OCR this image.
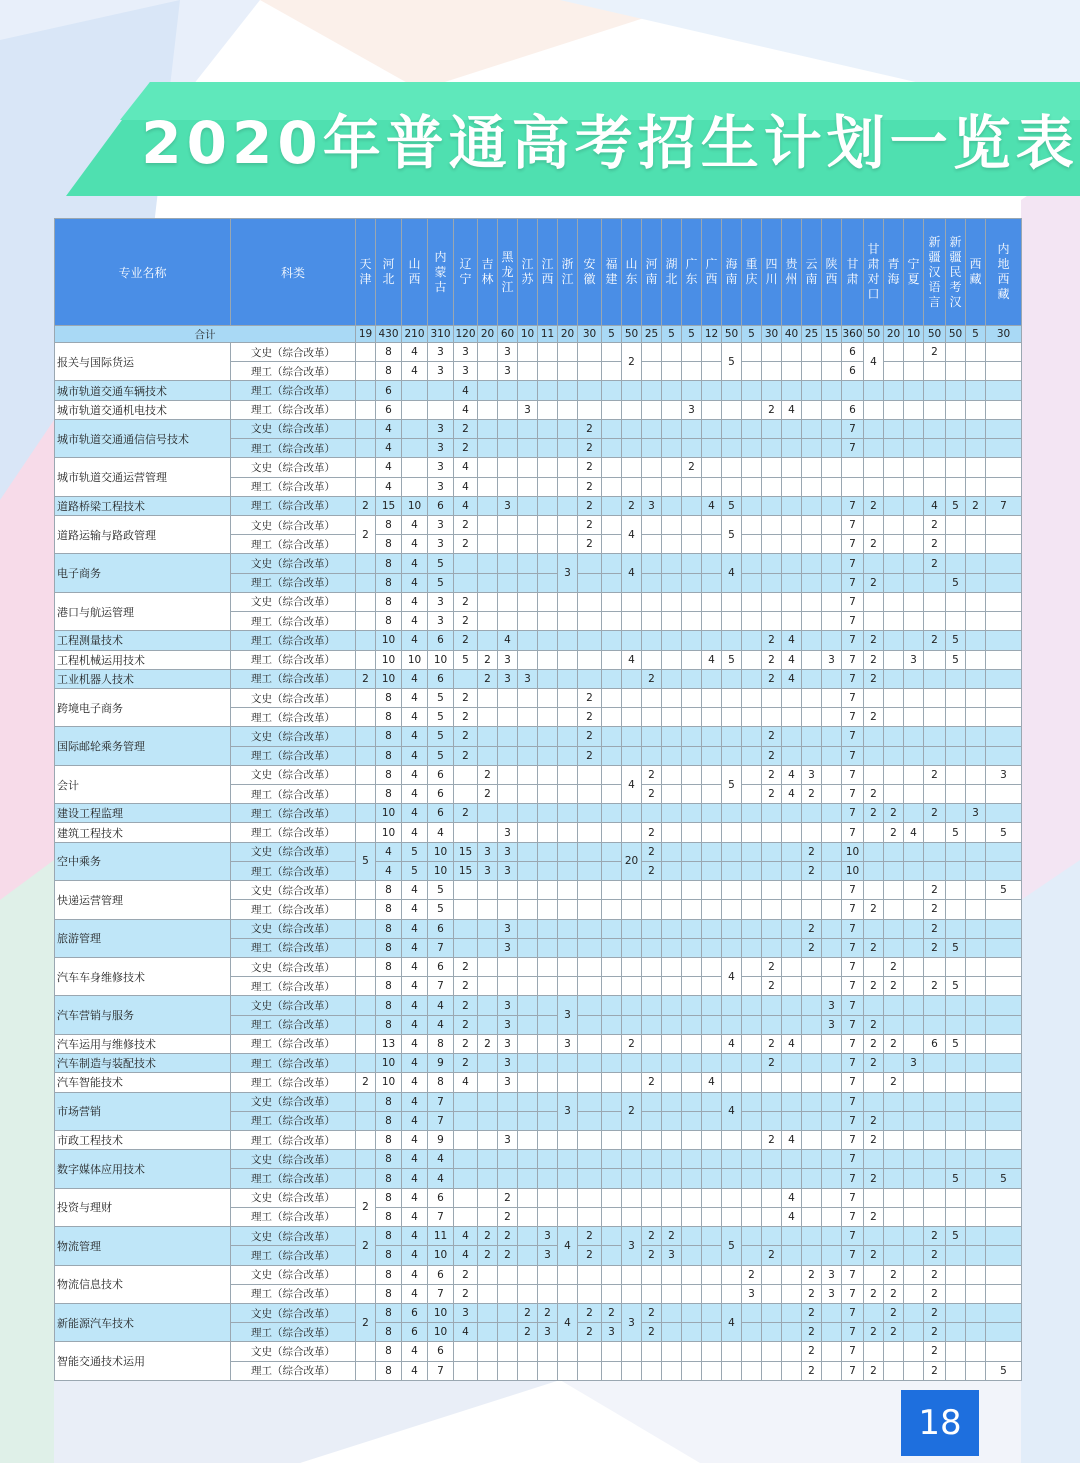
2020年普通高考招生计划一览表
专业名称	科类	天津	河北	山西	内蒙古	辽宁	吉林	黑龙江	江苏	江西	浙江	安徽	福建	山东	河南	湖北	广东	广西	海南	重庆	四川	贵州	云南	陕西	甘肃	甘肃对口	青海	宁夏	新疆汉语言	新疆民考汉	西藏	内地西藏

合计		19	430	210	310	120	20	60	10	11	20	30	5	50	25	5	5	12	50	5	30	40	25	15	360	50	20	10	50	50	5	30
报关与国际货运	文史（综合改革）		8	4	3	3		3						2					5						6	4			2			
	理工（综合改革）		8	4	3	3		3																	6							
城市轨道交通车辆技术	理工（综合改革）		6			4																										
城市轨道交通机电技术	理工（综合改革）		6			4			3								3				2	4			6							
城市轨道交通通信信号技术	文史（综合改革）		4		3	2						2													7							
	理工（综合改革）		4		3	2						2													7							
城市轨道交通运营管理	文史（综合改革）		4		3	4						2					2															
	理工（综合改革）		4		3	4						2																				
道路桥梁工程技术	理工（综合改革）	2	15	10	6	4		3				2		2	3			4	5						7	2			4	5	2	7
道路运输与路政管理	文史（综合改革）	2	8	4	3	2						2		4					5						7				2			
	理工（综合改革）		8	4	3	2						2													7	2			2			
电子商务	文史（综合改革）		8	4	5						3			4					4						7				2			
	理工（综合改革）		8	4	5																				7	2				5		
港口与航运管理	文史（综合改革）		8	4	3	2																			7							
	理工（综合改革）		8	4	3	2																			7							
工程测量技术	理工（综合改革）		10	4	6	2		4													2	4			7	2			2	5		
工程机械运用技术	理工（综合改革）		10	10	10	5	2	3						4				4	5		2	4		3	7	2		3		5		
工业机器人技术	理工（综合改革）	2	10	4	6		2	3	3						2						2	4			7	2						
跨境电子商务	文史（综合改革）		8	4	5	2						2													7							
	理工（综合改革）		8	4	5	2						2													7	2						
国际邮轮乘务管理	文史（综合改革）		8	4	5	2						2									2				7							
	理工（综合改革）		8	4	5	2						2									2				7							
会计	文史（综合改革）		8	4	6		2							4	2				5		2	4	3		7				2			3
	理工（综合改革）		8	4	6		2								2						2	4	2		7	2						
建设工程监理	理工（综合改革）		10	4	6	2																			7	2	2		2		3	
建筑工程技术	理工（综合改革）		10	4	4			3							2										7		2	4		5		5
空中乘务	文史（综合改革）	5	4	5	10	15	3	3						20	2								2		10							
	理工（综合改革）		4	5	10	15	3	3							2								2		10							
快递运营管理	文史（综合改革）		8	4	5																				7				2			5
	理工（综合改革）		8	4	5																				7	2			2			
旅游管理	文史（综合改革）		8	4	6			3															2		7				2			
	理工（综合改革）		8	4	7			3															2		7	2			2	5		
汽车车身维修技术	文史（综合改革）		8	4	6	2													4		2				7		2					
	理工（综合改革）		8	4	7	2															2				7	2	2		2	5		
汽车营销与服务	文史（综合改革）		8	4	4	2		3			3													3	7							
	理工（综合改革）		8	4	4	2		3																3	7	2						
汽车运用与维修技术	理工（综合改革）		13	4	8	2	2	3			3			2					4		2	4			7	2	2		6	5		
汽车制造与装配技术	理工（综合改革）		10	4	9	2		3													2				7	2		3				
汽车智能技术	理工（综合改革）	2	10	4	8	4		3							2			4							7		2					
市场营销	文史（综合改革）		8	4	7						3			2					4						7							
	理工（综合改革）		8	4	7																				7	2						
市政工程技术	理工（综合改革）		8	4	9			3													2	4			7	2						
数字媒体应用技术	文史（综合改革）		8	4	4																				7							
	理工（综合改革）		8	4	4																				7	2				5		5
投资与理财	文史（综合改革）	2	8	4	6			2														4			7							
	理工（综合改革）		8	4	7			2														4			7	2						
物流管理	文史（综合改革）	2	8	4	11	4	2	2		3	4	2		3	2	2			5						7				2	5		
	理工（综合改革）		8	4	10	4	2	2		3		2			2	3					2				7	2			2			
物流信息技术	文史（综合改革）		8	4	6	2														2			2	3	7		2		2			
	理工（综合改革）		8	4	7	2														3			2	3	7	2	2		2			
新能源汽车技术	文史（综合改革）	2	8	6	10	3			2	2	4	2	2	3	2				4				2		7		2		2			
	理工（综合改革）		8	6	10	4			2	3		2	3		2								2		7	2	2		2			
智能交通技术运用	文史（综合改革）		8	4	6																		2		7				2			
	理工（综合改革）		8	4	7																		2		7	2			2			5
18
